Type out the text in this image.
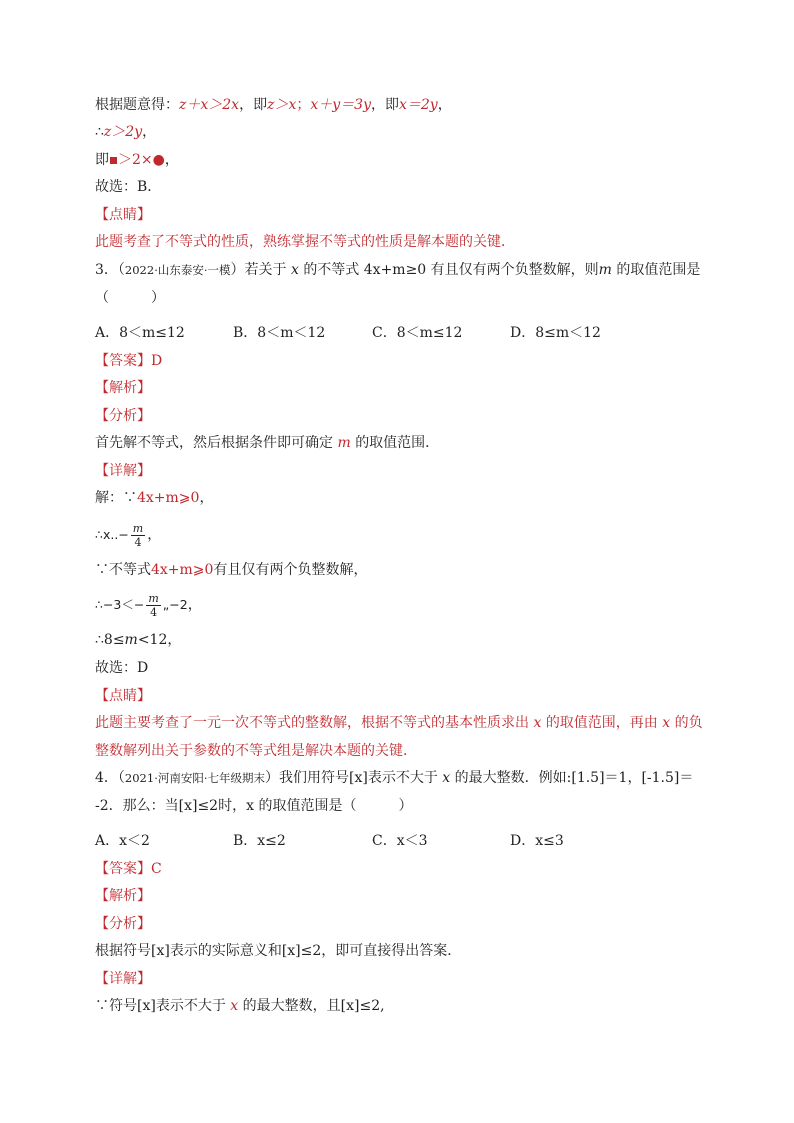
根据题意得：z＋x＞2x，即z＞x；x＋y＝3y，即x＝2y，
∴z＞2y，
即 ＞2×●，
故选：B．
【点睛】
此题考查了不等式的性质，熟练掌握不等式的性质是解本题的关键．
3．（2022·山东泰安·一模）若关于 x 的不等式 4x+m≥0 有且仅有两个负整数解，则m 的取值范围是
（　　　）
A．8＜m≤12	B．8＜m＜12	C．8＜m≤12	D．8≤m＜12
【答案】D
【解析】
【分析】
首先解不等式，然后根据条件即可确定 m 的取值范围．
【详解】
解：∵4x+m⩾0，
∴x..− $\frac{m}{4}$ ，
∵不等式4x+m⩾0有且仅有两个负整数解，
∴−3＜− $\frac{m}{4}$ „−2，
∴8≤m<12，
故选：D
【点睛】
此题主要考查了一元一次不等式的整数解，根据不等式的基本性质求出 x 的取值范围，再由 x 的负
整数解列出关于参数的不等式组是解决本题的关键．
4．（2021·河南安阳·七年级期末）我们用符号[x]表示不大于 x 的最大整数．例如:[1.5]＝1，[-1.5]＝
-2．那么：当[x]≤2时，x 的取值范围是（　　　）
A．x＜2	B．x≤2	C．x＜3	D．x≤3
【答案】C
【解析】
【分析】
根据符号[x]表示的实际意义和[x]≤2，即可直接得出答案．
【详解】
∵符号[x]表示不大于 x 的最大整数，且[x]≤2,
